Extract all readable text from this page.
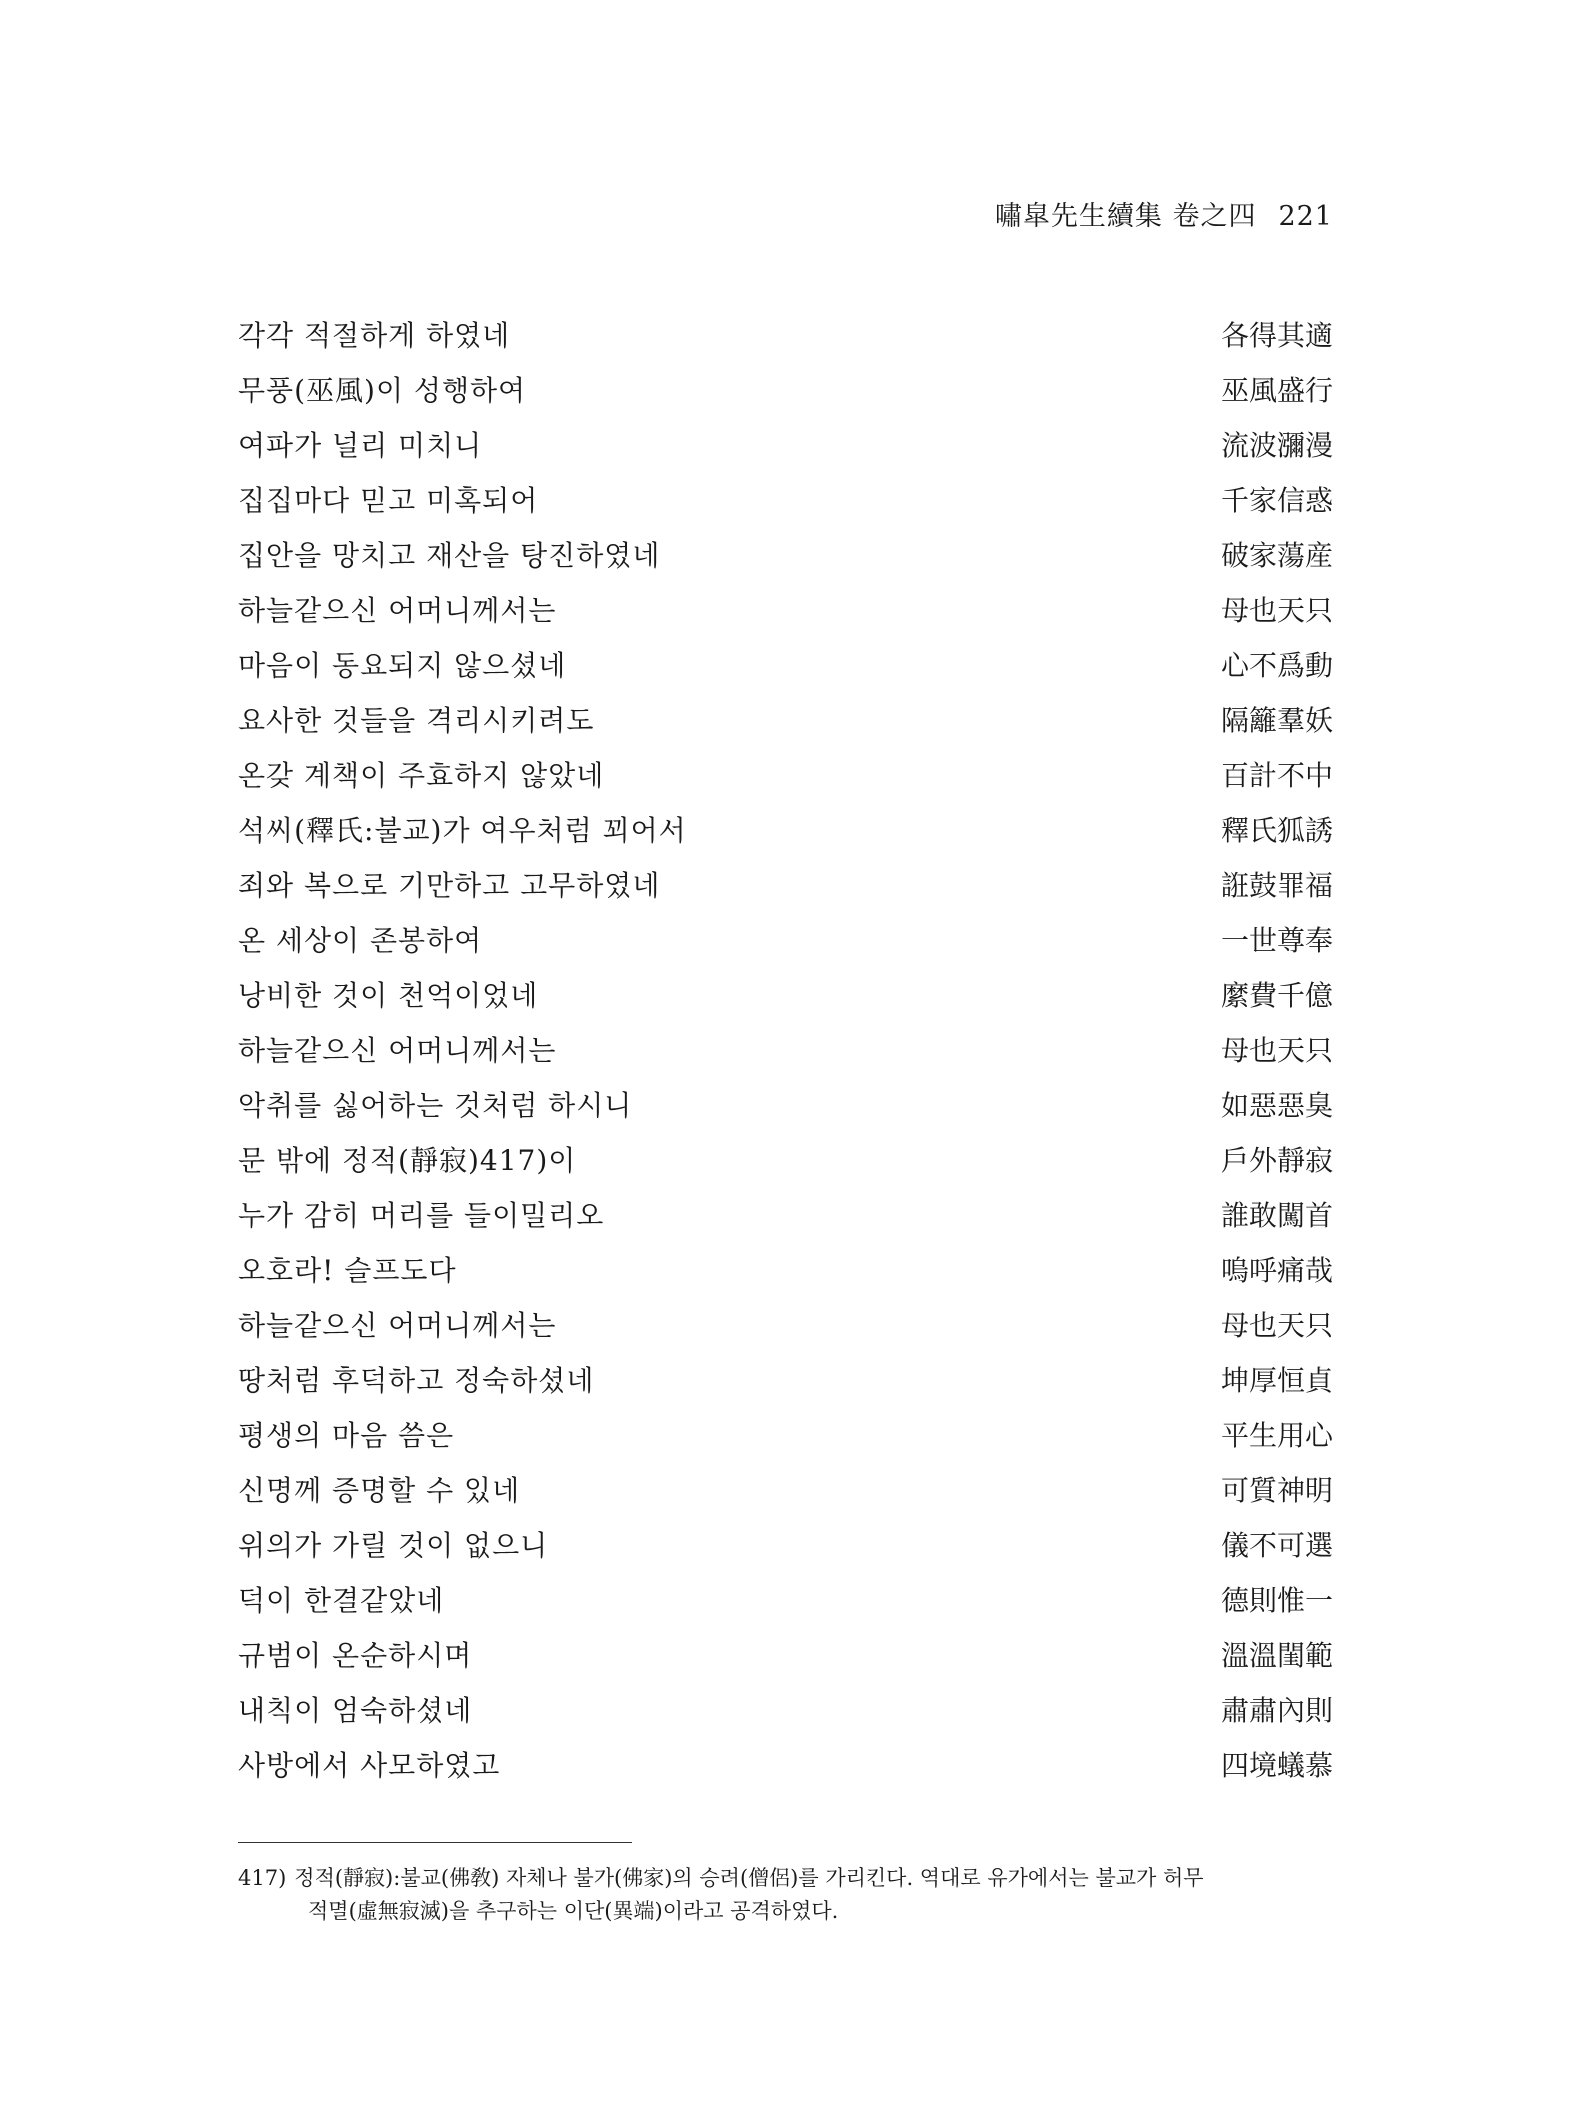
嘯皐先生續集 卷之四 221
각각 적절하게 하였네	各得其適
무풍(巫風)이 성행하여	巫風盛行
여파가 널리 미치니	流波瀰漫
집집마다 믿고 미혹되어	千家信惑
집안을 망치고 재산을 탕진하였네	破家蕩産
하늘같으신 어머니께서는	母也天只
마음이 동요되지 않으셨네	心不爲動
요사한 것들을 격리시키려도	隔籬羣妖
온갖 계책이 주효하지 않았네	百計不中
석씨(釋氏:불교)가 여우처럼 꾀어서	釋氏狐誘
죄와 복으로 기만하고 고무하였네	誑鼓罪福
온 세상이 존봉하여	一世尊奉
낭비한 것이 천억이었네	縻費千億
하늘같으신 어머니께서는	母也天只
악취를 싫어하는 것처럼 하시니	如惡惡臭
문 밖에 정적(靜寂)417)이	戶外靜寂
누가 감히 머리를 들이밀리오	誰敢闖首
오호라! 슬프도다	嗚呼痛哉
하늘같으신 어머니께서는	母也天只
땅처럼 후덕하고 정숙하셨네	坤厚恒貞
평생의 마음 씀은	平生用心
신명께 증명할 수 있네	可質神明
위의가 가릴 것이 없으니	儀不可選
덕이 한결같았네	德則惟一
규범이 온순하시며	溫溫閨範
내칙이 엄숙하셨네	肅肅內則
사방에서 사모하였고	四境蟻慕
417) 정적(靜寂):불교(佛敎) 자체나 불가(佛家)의 승려(僧侶)를 가리킨다. 역대로 유가에서는 불교가 허무
적멸(虛無寂滅)을 추구하는 이단(異端)이라고 공격하였다.
